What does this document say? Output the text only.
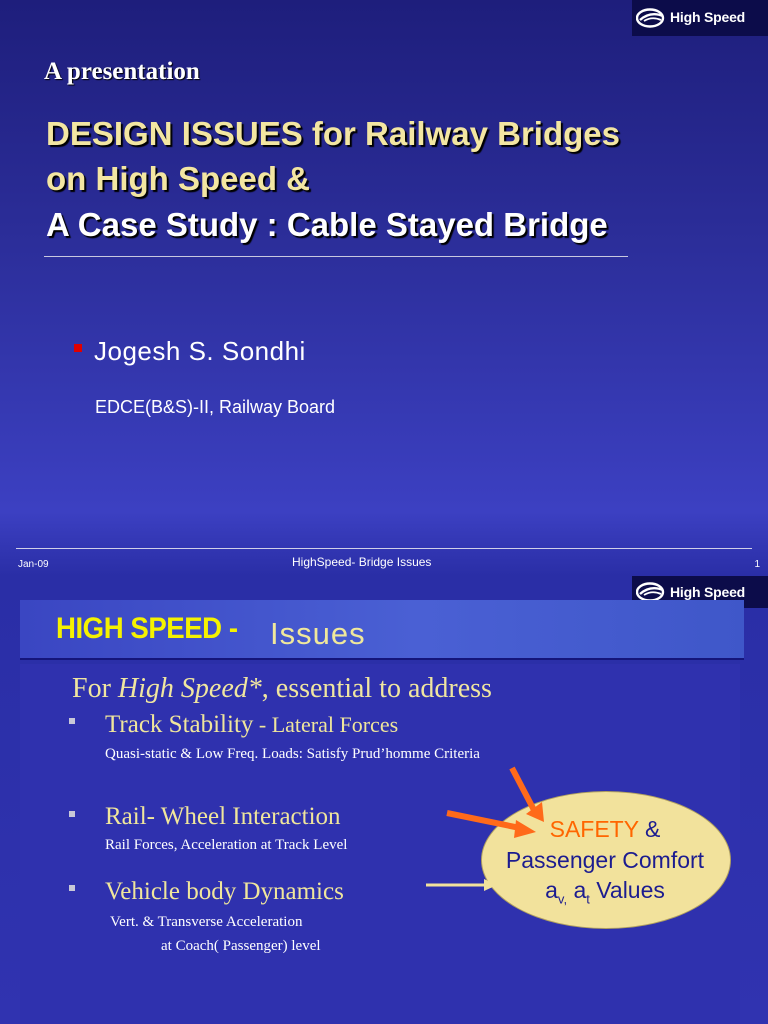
High Speed
A presentation
DESIGN ISSUES for Railway Bridges
on High Speed &
A Case Study : Cable Stayed Bridge
Jogesh S. Sondhi
EDCE(B&S)-II, Railway Board
Jan-09	HighSpeed- Bridge Issues	1
High Speed
HIGH SPEED - Issues
For High Speed*, essential to address
Track Stability - Lateral Forces
Quasi-static & Low Freq. Loads: Satisfy Prud’homme Criteria
Rail- Wheel Interaction
Rail Forces, Acceleration at Track Level
Vehicle body Dynamics
Vert. & Transverse Acceleration
at Coach( Passenger) level
SAFETY &
Passenger Comfort
$a_{v,}$ $a_t$ Values
